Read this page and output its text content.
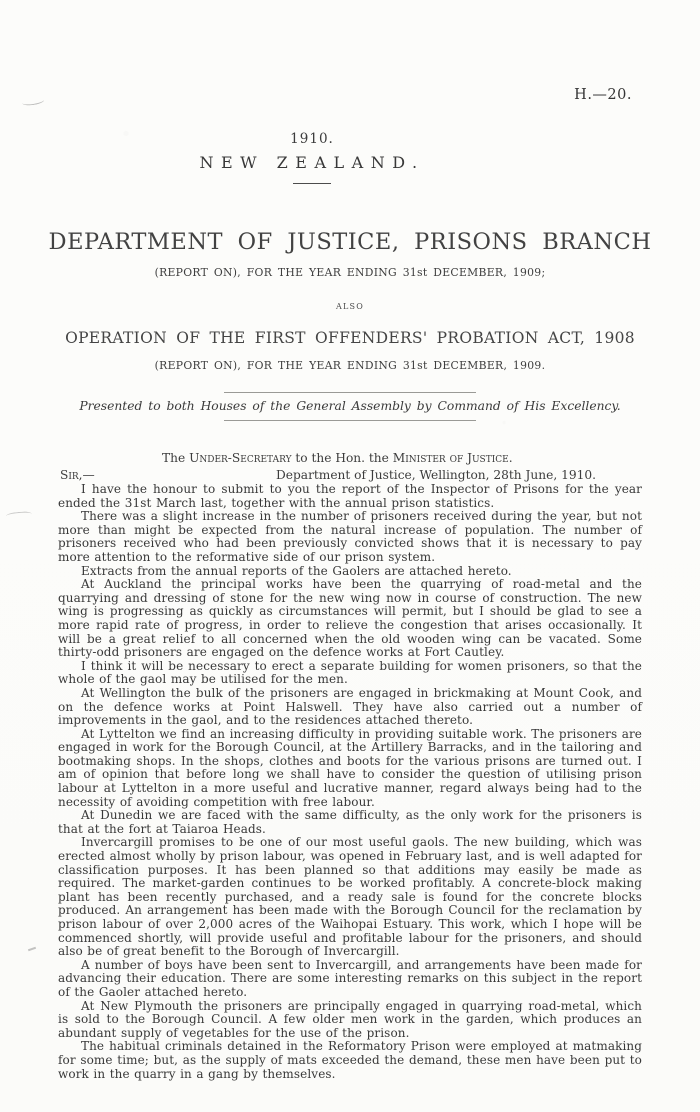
H.—20.
1910.
NEW ZEALAND.
DEPARTMENT OF JUSTICE, PRISONS BRANCH
(REPORT ON), FOR THE YEAR ENDING 31st DECEMBER, 1909;
ALSO
OPERATION OF THE FIRST OFFENDERS' PROBATION ACT, 1908
(REPORT ON), FOR THE YEAR ENDING 31st DECEMBER, 1909.
Presented to both Houses of the General Assembly by Command of His Excellency.
The Under-Secretary to the Hon. the Minister of Justice.
Sir,—	Department of Justice, Wellington, 28th June, 1910.

I have the honour to submit to you the report of the Inspector of Prisons for the year ended the 31st March last, together with the annual prison statistics.

There was a slight increase in the number of prisoners received during the year, but not more than might be expected from the natural increase of population. The number of prisoners received who had been previously convicted shows that it is necessary to pay more attention to the reformative side of our prison system.

Extracts from the annual reports of the Gaolers are attached hereto.

At Auckland the principal works have been the quarrying of road-metal and the quarrying and dressing of stone for the new wing now in course of construction. The new wing is progressing as quickly as circumstances will permit, but I should be glad to see a more rapid rate of progress, in order to relieve the congestion that arises occasionally. It will be a great relief to all concerned when the old wooden wing can be vacated. Some thirty-odd prisoners are engaged on the defence works at Fort Cautley.

I think it will be necessary to erect a separate building for women prisoners, so that the whole of the gaol may be utilised for the men.

At Wellington the bulk of the prisoners are engaged in brickmaking at Mount Cook, and on the defence works at Point Halswell. They have also carried out a number of improvements in the gaol, and to the residences attached thereto.

At Lyttelton we find an increasing difficulty in providing suitable work. The prisoners are engaged in work for the Borough Council, at the Artillery Barracks, and in the tailoring and bootmaking shops. In the shops, clothes and boots for the various prisons are turned out. I am of opinion that before long we shall have to consider the question of utilising prison labour at Lyttelton in a more useful and lucrative manner, regard always being had to the necessity of avoiding competition with free labour.

At Dunedin we are faced with the same difficulty, as the only work for the prisoners is that at the fort at Taiaroa Heads.

Invercargill promises to be one of our most useful gaols. The new building, which was erected almost wholly by prison labour, was opened in February last, and is well adapted for classification purposes. It has been planned so that additions may easily be made as required. The market-garden continues to be worked profitably. A concrete-block making plant has been recently purchased, and a ready sale is found for the concrete blocks produced. An arrangement has been made with the Borough Council for the reclamation by prison labour of over 2,000 acres of the Waihopai Estuary. This work, which I hope will be commenced shortly, will provide useful and profitable labour for the prisoners, and should also be of great benefit to the Borough of Invercargill.

A number of boys have been sent to Invercargill, and arrangements have been made for advancing their education. There are some interesting remarks on this subject in the report of the Gaoler attached hereto.

At New Plymouth the prisoners are principally engaged in quarrying road-metal, which is sold to the Borough Council. A few older men work in the garden, which produces an abundant supply of vegetables for the use of the prison.

The habitual criminals detained in the Reformatory Prison were employed at matmaking for some time; but, as the supply of mats exceeded the demand, these men have been put to work in the quarry in a gang by themselves.
